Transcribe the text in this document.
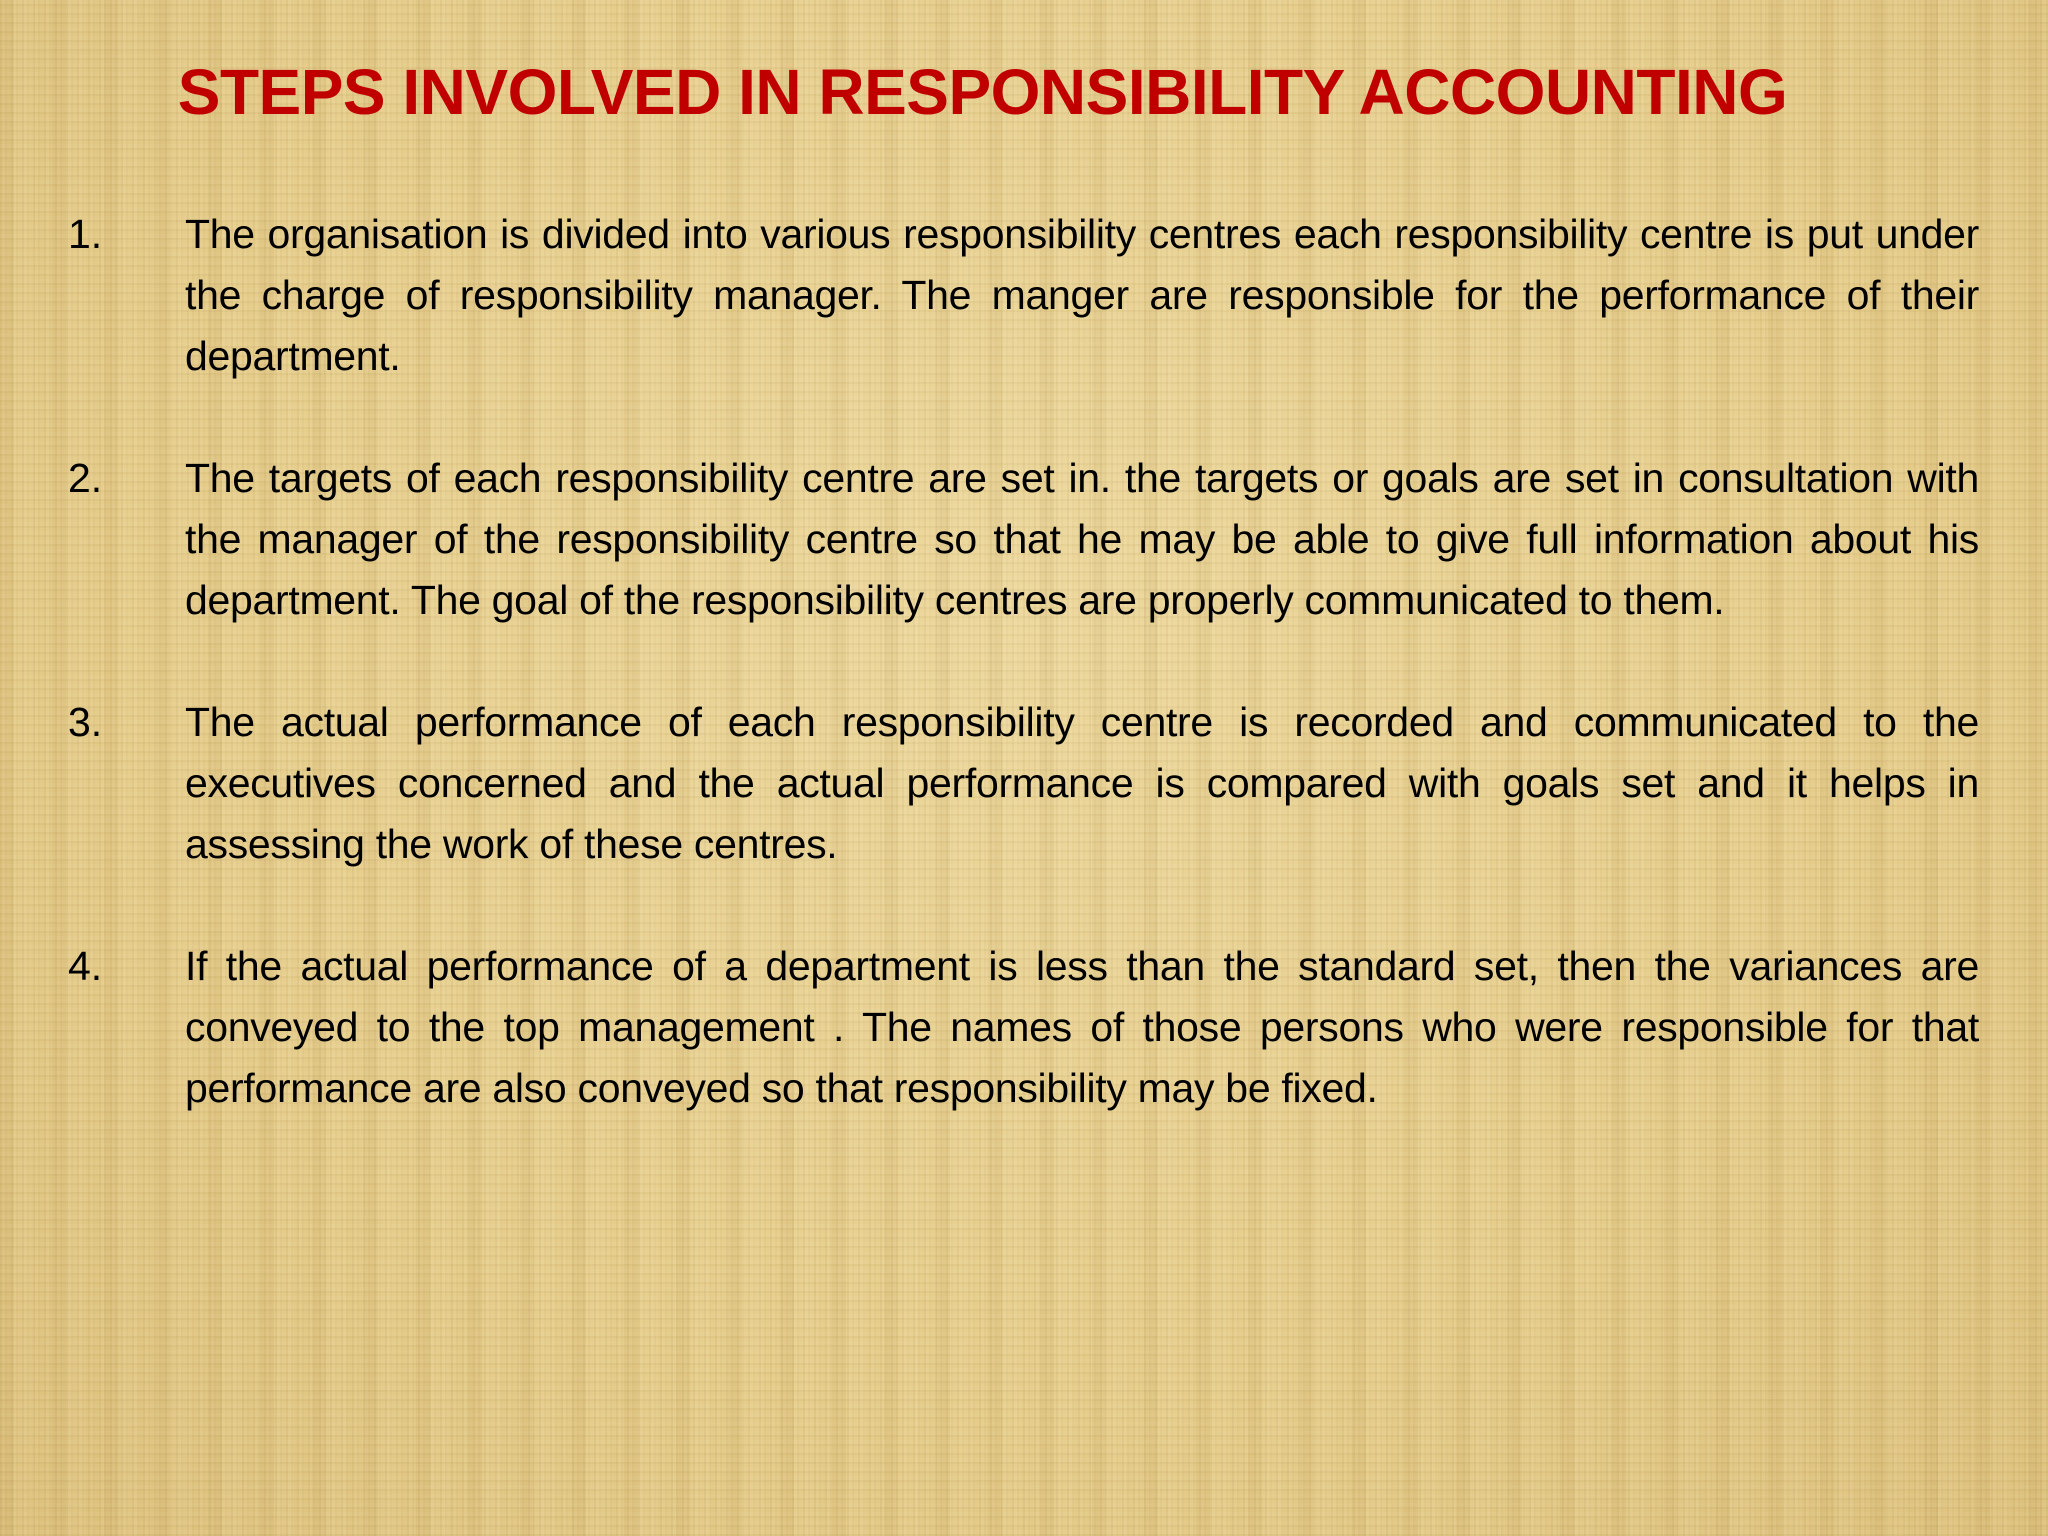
STEPS INVOLVED IN RESPONSIBILITY ACCOUNTING
1. The organisation is divided into various responsibility centres each responsibility centre is put under the charge of responsibility manager. The manger are responsible for the performance of their department.

2. The targets of each responsibility centre are set in. the targets or goals are set in consultation with the manager of the responsibility centre so that he may be able to give full information about his department. The goal of the responsibility centres are properly communicated to them.

3. The actual performance of each responsibility centre is recorded and communicated to the executives concerned and the actual performance is compared with goals set and it helps in assessing the work of these centres.

4. If the actual performance of a department is less than the standard set, then the variances are conveyed to the top management . The names of those persons who were responsible for that performance are also conveyed so that responsibility may be fixed.
